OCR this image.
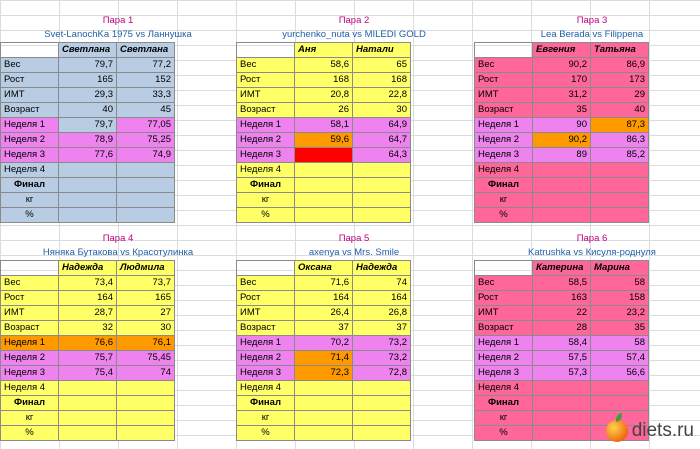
Пара 1
Svet-LanochKa 1975 vs Ланнушка
	Светлана	Светлана
Вес	79,7	77,2
Рост	165	152
ИМТ	29,3	33,3
Возраст	40	45
Неделя 1	79,7	77,05
Неделя 2	78,9	75,25
Неделя 3	77,6	74,9
Неделя 4		
Финал		
кг		
%		
Пара 2
yurchenko_nuta vs MILEDI GOLD
	Аня	Натали
Вес	58,6	65
Рост	168	168
ИМТ	20,8	22,8
Возраст	26	30
Неделя 1	58,1	64,9
Неделя 2	59,6	64,7
Неделя 3		64,3
Неделя 4		
Финал		
кг		
%		
Пара 3
Lea Berada vs Filippena
	Евгения	Татьяна
Вес	90,2	86,9
Рост	170	173
ИМТ	31,2	29
Возраст	35	40
Неделя 1	90	87,3
Неделя 2	90,2	86,3
Неделя 3	89	85,2
Неделя 4		
Финал		
кг		
%		
Пара 4
Няняка Бутакова vs Красотулинка
	Надежда	Людмила
Вес	73,4	73,7
Рост	164	165
ИМТ	28,7	27
Возраст	32	30
Неделя 1	76,6	76,1
Неделя 2	75,7	75,45
Неделя 3	75,4	74
Неделя 4		
Финал		
кг		
%		
Пара 5
axenya vs Mrs. Smile
	Оксана	Надежда
Вес	71,6	74
Рост	164	164
ИМТ	26,4	26,8
Возраст	37	37
Неделя 1	70,2	73,2
Неделя 2	71,4	73,2
Неделя 3	72,3	72,8
Неделя 4		
Финал		
кг		
%		
Пара 6
Katrushka vs Кисуля-роднуля
	Катерина	Марина
Вес	58,5	58
Рост	163	158
ИМТ	22	23,2
Возраст	28	35
Неделя 1	58,4	58
Неделя 2	57,5	57,4
Неделя 3	57,3	56,6
Неделя 4		
Финал		
кг		
%			diets.ru
